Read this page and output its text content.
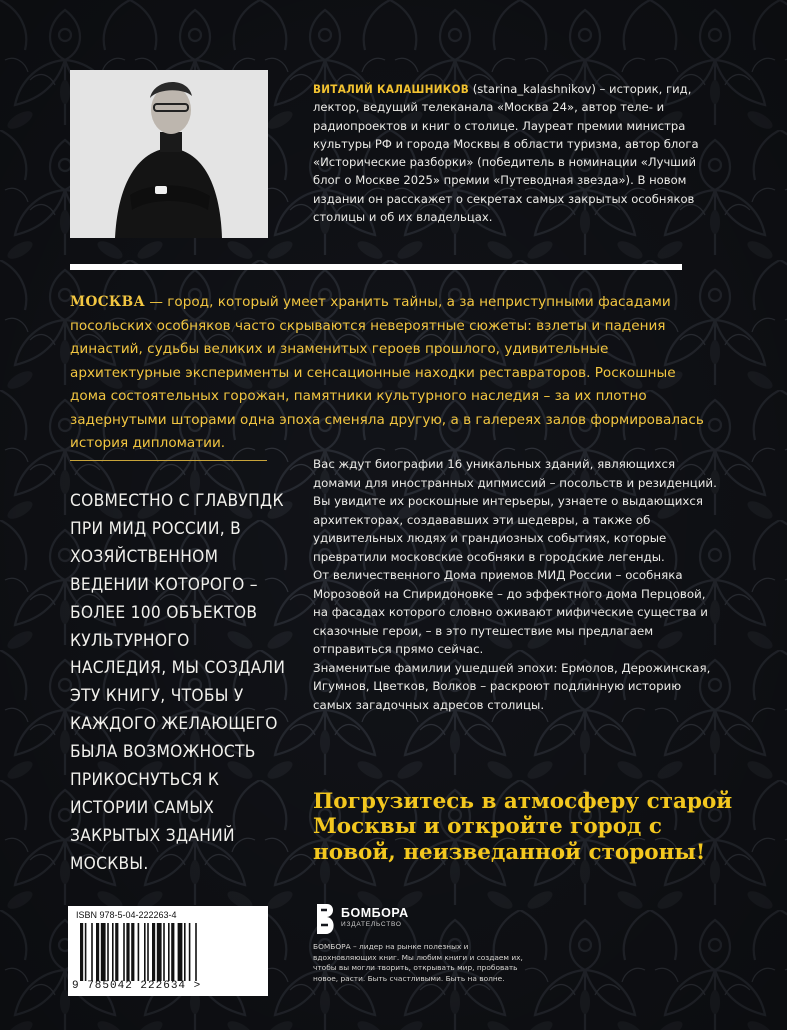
ВИТАЛИЙ КАЛАШНИКОВ (starina_kalashnikov) – историк, гид, лектор, ведущий телеканала «Москва 24», автор теле- и радиопроектов и книг о столице. Лауреат премии министра культуры РФ и города Москвы в области туризма, автор блога «Исторические разборки» (победитель в номинации «Лучший блог о Москве 2025» премии «Путеводная звезда»). В новом издании он расскажет о секретах самых закрытых особняков столицы и об их владельцах.
МОСКВА — город, который умеет хранить тайны, а за неприступными фасадами посольских особняков часто скрываются невероятные сюжеты: взлеты и падения династий, судьбы великих и знаменитых героев прошлого, удивительные архитектурные эксперименты и сенсационные находки реставраторов. Роскошные дома состоятельных горожан, памятники культурного наследия – за их плотно задернутыми шторами одна эпоха сменяла другую, а в галереях залов формировалась история дипломатии.
СОВМЕСТНО С ГЛАВУПДК ПРИ МИД РОССИИ, В ХОЗЯЙСТВЕННОМ ВЕДЕНИИ КОТОРОГО – БОЛЕЕ 100 ОБЪЕКТОВ КУЛЬТУРНОГО НАСЛЕДИЯ, МЫ СОЗДАЛИ ЭТУ КНИГУ, ЧТОБЫ У КАЖДОГО ЖЕЛАЮЩЕГО БЫЛА ВОЗМОЖНОСТЬ ПРИКОСНУТЬСЯ К ИСТОРИИ САМЫХ ЗАКРЫТЫХ ЗДАНИЙ МОСКВЫ.

Вас ждут биографии 16 уникальных зданий, являющихся домами для иностранных дипмиссий – посольств и резиденций. Вы увидите их роскошные интерьеры, узнаете о выдающихся архитекторах, создававших эти шедевры, а также об удивительных людях и грандиозных событиях, которые превратили московские особняки в городские легенды.

От величественного Дома приемов МИД России – особняка Морозовой на Спиридоновке – до эффектного дома Перцовой, на фасадах которого словно оживают мифические существа и сказочные герои, – в это путешествие мы предлагаем отправиться прямо сейчас.

Знаменитые фамилии ушедшей эпохи: Ермолов, Дерожинская, Игумнов, Цветков, Волков – раскроют подлинную историю самых загадочных адресов столицы.

Погрузитесь в атмосферу старой Москвы и откройте город с новой, неизведанной стороны!
ISBN 978-5-04-222263-4
9 785042 222634 >
БОМБОРА
ИЗДАТЕЛЬСТВО
БОМБОРА – лидер на рынке полезных и вдохновляющих книг. Мы любим книги и создаем их, чтобы вы могли творить, открывать мир, пробовать новое, расти. Быть счастливыми. Быть на волне.
